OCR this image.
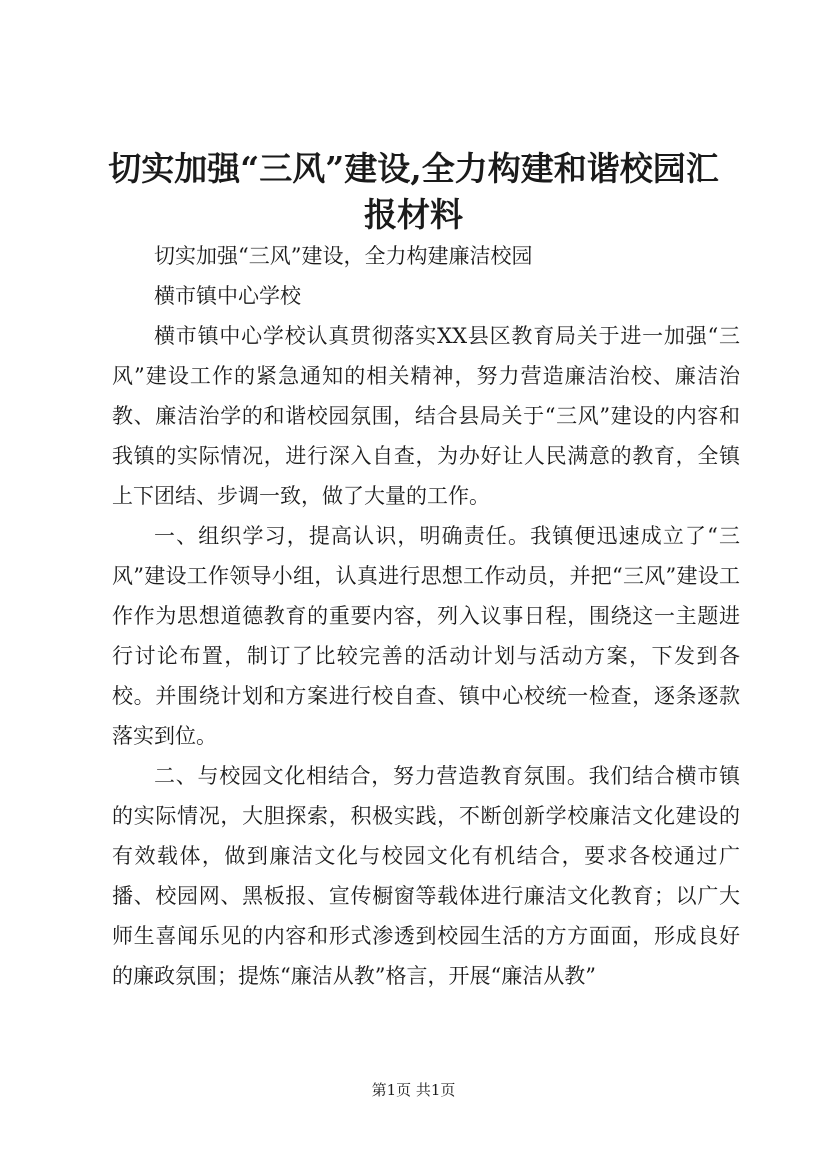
切实加强“三风”建设,全力构建和谐校园汇报材料

切实加强“三风”建设，全力构建廉洁校园

横市镇中心学校

横市镇中心学校认真贯彻落实XX县区教育局关于进一加强“三风”建设工作的紧急通知的相关精神，努力营造廉洁治校、廉洁治教、廉洁治学的和谐校园氛围，结合县局关于“三风”建设的内容和我镇的实际情况，进行深入自查，为办好让人民满意的教育，全镇上下团结、步调一致，做了大量的工作。

一、组织学习，提高认识，明确责任。我镇便迅速成立了“三风”建设工作领导小组，认真进行思想工作动员，并把“三风”建设工作作为思想道德教育的重要内容，列入议事日程，围绕这一主题进行讨论布置，制订了比较完善的活动计划与活动方案，下发到各校。并围绕计划和方案进行校自查、镇中心校统一检查，逐条逐款落实到位。

二、与校园文化相结合，努力营造教育氛围。我们结合横市镇的实际情况，大胆探索，积极实践，不断创新学校廉洁文化建设的有效载体，做到廉洁文化与校园文化有机结合，要求各校通过广播、校园网、黑板报、宣传橱窗等载体进行廉洁文化教育；以广大师生喜闻乐见的内容和形式渗透到校园生活的方方面面，形成良好的廉政氛围；提炼“廉洁从教”格言，开展“廉洁从教”

第1页 共1页
